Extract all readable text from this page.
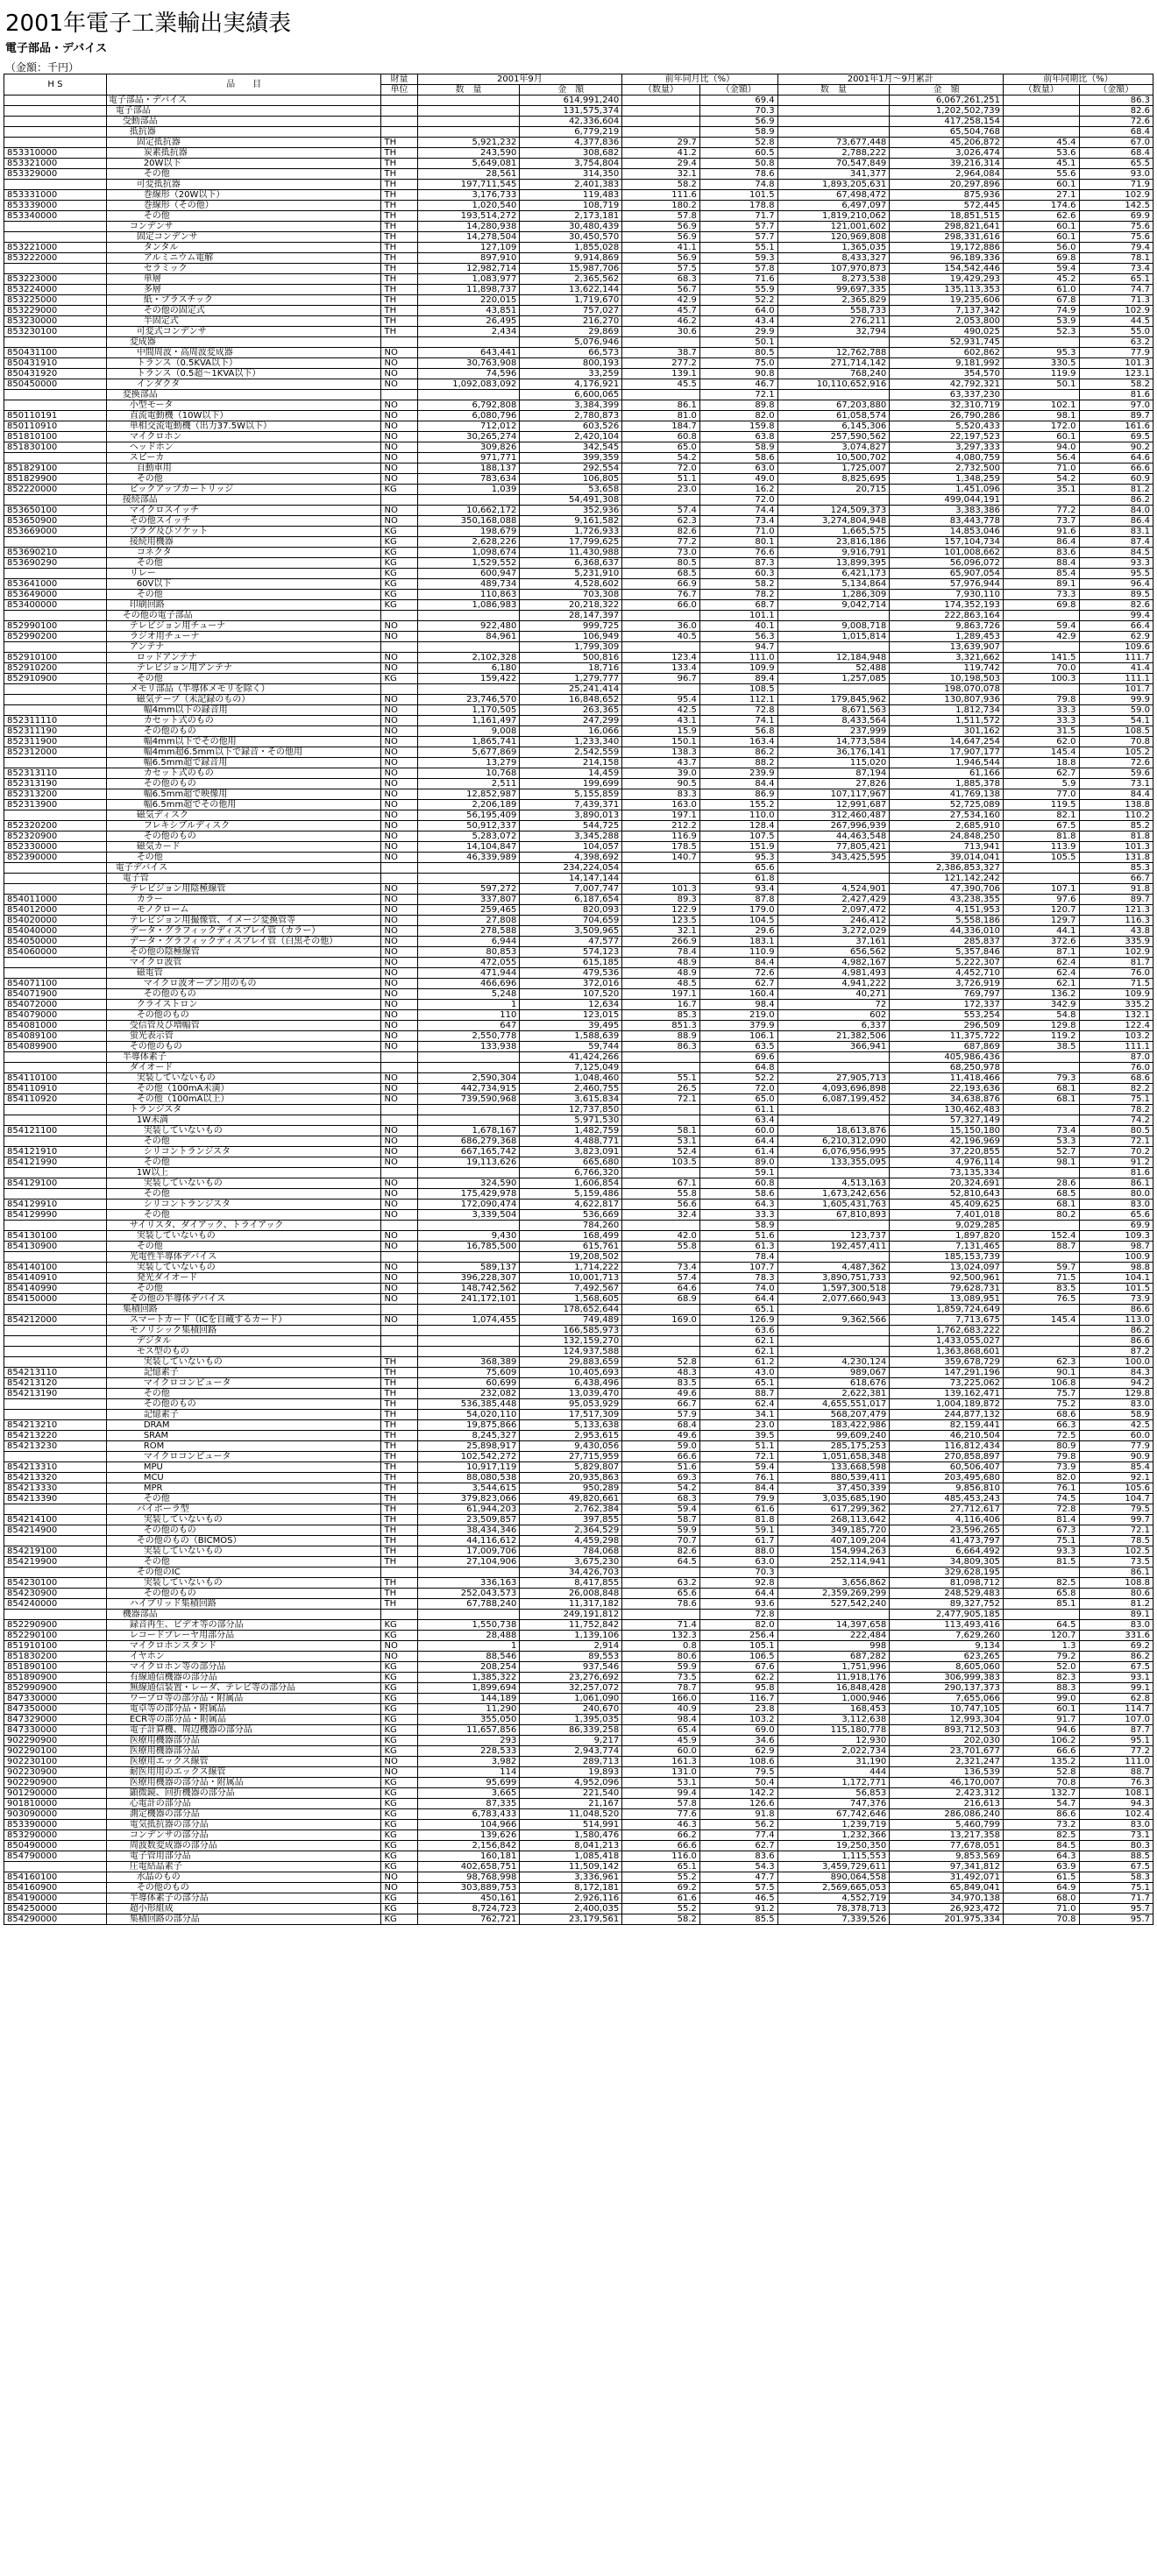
2001年電子工業輸出実績表
電子部品・デバイス
（金額：千円）
H S	品　　目	財量	2001年9月		前年同月比（%）		2001年1月〜9月累計		前年同期比（%）	
		単位	数　量	金　額	（数量）	（金額）	数　量	金　額	（数量）	（金額）
	電子部品・デバイス			614,991,240		69.4		6,067,261,251		86.3
	電子部品			131,575,374		70.3		1,202,502,739		82.6
	受動部品			42,336,604		56.9		417,258,154		72.6
	抵抗器			6,779,219		58.9		65,504,768		68.4
	固定抵抗器	TH	5,921,232	4,377,836	29.7	52.8	73,677,448	45,206,872	45.4	67.0
853310000	炭素抵抗器	TH	243,590	308,682	41.2	60.5	2,788,222	3,026,474	53.6	68.4
853321000	20W以下	TH	5,649,081	3,754,804	29.4	50.8	70,547,849	39,216,314	45.1	65.5
853329000	その他	TH	28,561	314,350	32.1	78.6	341,377	2,964,084	55.6	93.0
	可変抵抗器	TH	197,711,545	2,401,383	58.2	74.8	1,893,205,631	20,297,896	60.1	71.9
853331000	巻線形（20W以下）	TH	3,176,733	119,483	111.6	101.5	67,498,472	875,936	27.1	102.9
853339000	巻線形（その他）	TH	1,020,540	108,719	180.2	178.8	6,497,097	572,445	174.6	142.5
853340000	その他	TH	193,514,272	2,173,181	57.8	71.7	1,819,210,062	18,851,515	62.6	69.9
	コンデンサ	TH	14,280,938	30,480,439	56.9	57.7	121,001,602	298,821,641	60.1	75.6
	固定コンデンサ	TH	14,278,504	30,450,570	56.9	57.7	120,969,808	298,331,616	60.1	75.6
853221000	タンタル	TH	127,109	1,855,028	41.1	55.1	1,365,035	19,172,886	56.0	79.4
853222000	アルミニウム電解	TH	897,910	9,914,869	56.9	59.3	8,433,327	96,189,336	69.8	78.1
	セラミック	TH	12,982,714	15,987,706	57.5	57.8	107,970,873	154,542,446	59.4	73.4
853223000	単層	TH	1,083,977	2,365,562	68.3	71.6	8,273,538	19,429,293	45.2	65.1
853224000	多層	TH	11,898,737	13,622,144	56.7	55.9	99,697,335	135,113,353	61.0	74.7
853225000	紙・プラスチック	TH	220,015	1,719,670	42.9	52.2	2,365,829	19,235,606	67.8	71.3
853229000	その他の固定式	TH	43,851	757,027	45.7	64.0	558,733	7,137,342	74.9	102.9
853230000	半固定式	TH	26,495	216,270	46.2	43.4	276,211	2,053,800	53.9	44.5
853230100	可変式コンデンサ	TH	2,434	29,869	30.6	29.9	32,794	490,025	52.3	55.0
	変成器			5,076,946		50.1		52,931,745		63.2
850431100	中間周波・高周波変成器	NO	643,441	66,573	38.7	80.5	12,762,788	602,862	95.3	77.9
850431910	トランス（0.5KVA以下）	NO	30,763,908	800,193	277.2	75.0	271,714,142	9,181,992	330.5	101.3
850431920	トランス（0.5超〜1KVA以下）	NO	74,596	33,259	139.1	90.8	768,240	354,570	119.9	123.1
850450000	インダクタ	NO	1,092,083,092	4,176,921	45.5	46.7	10,110,652,916	42,792,321	50.1	58.2
	変換部品			6,600,065		72.1		63,337,230		81.6
	小型モータ	NO	6,792,808	3,384,399	86.1	89.8	67,203,880	32,310,719	102.1	97.0
850110191	直流電動機（10W以下）	NO	6,080,796	2,780,873	81.0	82.0	61,058,574	26,790,286	98.1	89.7
850110910	単相交流電動機（出力37.5W以下）	NO	712,012	603,526	184.7	159.8	6,145,306	5,520,433	172.0	161.6
851810100	マイクロホン	NO	30,265,274	2,420,104	60.8	63.8	257,590,562	22,197,523	60.1	69.5
851830100	ヘッドホン	NO	309,826	342,545	65.0	58.9	3,074,827	3,297,333	94.0	90.2
	スピーカ	NO	971,771	399,359	54.2	58.6	10,500,702	4,080,759	56.4	64.6
851829100	自動車用	NO	188,137	292,554	72.0	63.0	1,725,007	2,732,500	71.0	66.6
851829900	その他	NO	783,634	106,805	51.1	49.0	8,825,695	1,348,259	54.2	60.9
852220000	ピックアップカートリッジ	KG	1,039	53,658	23.0	16.2	20,715	1,451,096	35.1	81.2
	接続部品			54,491,308		72.0		499,044,191		86.2
853650100	マイクロスイッチ	NO	10,662,172	352,936	57.4	74.4	124,509,373	3,383,386	77.2	84.0
853650900	その他スイッチ	NO	350,168,088	9,161,582	62.3	73.4	3,274,804,948	83,443,778	73.7	86.4
853669000	プラグ及びソケット	KG	198,679	1,726,933	82.6	71.0	1,665,575	14,853,046	91.6	83.1
	接続用機器	KG	2,628,226	17,799,625	77.2	80.1	23,816,186	157,104,734	86.4	87.4
853690210	コネクタ	KG	1,098,674	11,430,988	73.0	76.6	9,916,791	101,008,662	83.6	84.5
853690290	その他	KG	1,529,552	6,368,637	80.5	87.3	13,899,395	56,096,072	88.4	93.3
	リレー	KG	600,947	5,231,910	68.5	60.3	6,421,173	65,907,054	85.4	95.5
853641000	60V以下	KG	489,734	4,528,602	66.9	58.2	5,134,864	57,976,944	89.1	96.4
853649000	その他	KG	110,863	703,308	76.7	78.2	1,286,309	7,930,110	73.3	89.5
853400000	印刷回路	KG	1,086,983	20,218,322	66.0	68.7	9,042,714	174,352,193	69.8	82.6
	その他の電子部品			28,147,397		101.1		222,863,164		99.4
852990100	テレビジョン用チューナ	NO	922,480	999,725	36.0	40.1	9,008,718	9,863,726	59.4	66.4
852990200	ラジオ用チューナ	NO	84,961	106,949	40.5	56.3	1,015,814	1,289,453	42.9	62.9
	アンテナ			1,799,309		94.7		13,639,907		109.6
852910100	ロッドアンテナ	NO	2,102,328	500,816	123.4	111.0	12,184,948	3,321,662	141.5	111.7
852910200	テレビジョン用アンテナ	NO	6,180	18,716	133.4	109.9	52,488	119,742	70.0	41.4
852910900	その他	KG	159,422	1,279,777	96.7	89.4	1,257,085	10,198,503	100.3	111.1
	メモリ部品（半導体メモリを除く）			25,241,414		108.5		198,070,078		101.7
	磁気テープ（未記録のもの）	NO	23,746,570	16,848,652	95.4	112.1	179,845,962	130,807,936	79.8	99.9
	幅4mm以下の録音用	NO	1,170,505	263,365	42.5	72.8	8,671,563	1,812,734	33.3	59.0
852311110	カセット式のもの	NO	1,161,497	247,299	43.1	74.1	8,433,564	1,511,572	33.3	54.1
852311190	その他のもの	NO	9,008	16,066	15.9	56.8	237,999	301,162	31.5	108.5
852311900	幅4mm以下でその他用	NO	1,865,741	1,233,340	150.1	163.4	14,773,584	14,647,254	62.0	70.8
852312000	幅4mm超6.5mm以下で録音・その他用	NO	5,677,869	2,542,559	138.3	86.2	36,176,141	17,907,177	145.4	105.2
	幅6.5mm超で録音用	NO	13,279	214,158	43.7	88.2	115,020	1,946,544	18.8	72.6
852313110	カセット式のもの	NO	10,768	14,459	39.0	239.9	87,194	61,166	62.7	59.6
852313190	その他のもの	NO	2,511	199,699	90.5	84.4	27,826	1,885,378	5.9	73.1
852313200	幅6.5mm超で映像用	NO	12,852,987	5,155,859	83.3	86.9	107,117,967	41,769,138	77.0	84.4
852313900	幅6.5mm超でその他用	NO	2,206,189	7,439,371	163.0	155.2	12,991,687	52,725,089	119.5	138.8
	磁気ディスク	NO	56,195,409	3,890,013	197.1	110.0	312,460,487	27,534,160	82.1	110.2
852320200	フレキシブルディスク	NO	50,912,337	544,725	212.2	128.4	267,996,939	2,685,910	67.5	85.2
852320900	その他のもの	NO	5,283,072	3,345,288	116.9	107.5	44,463,548	24,848,250	81.8	81.8
852330000	磁気カード	NO	14,104,847	104,057	178.5	151.9	77,805,421	713,941	113.9	101.3
852390000	その他	NO	46,339,989	4,398,692	140.7	95.3	343,425,595	39,014,041	105.5	131.8
	電子デバイス			234,224,054		65.6		2,386,853,327		85.3
	電子管			14,147,144		61.8		121,142,242		66.7
	テレビジョン用陰極線管	NO	597,272	7,007,747	101.3	93.4	4,524,901	47,390,706	107.1	91.8
854011000	カラー	NO	337,807	6,187,654	89.3	87.8	2,427,429	43,238,355	97.6	89.7
854012000	モノクローム	NO	259,465	820,093	122.9	179.0	2,097,472	4,151,953	120.7	121.3
854020000	テレビジョン用撮像管、イメージ変換管等	NO	27,808	704,659	123.5	104.5	246,412	5,558,186	129.7	116.3
854040000	データ・グラフィックディスプレイ管（カラー）	NO	278,588	3,509,965	32.1	29.6	3,272,029	44,336,010	44.1	43.8
854050000	データ・グラフィックディスプレイ管（白黒その他）	NO	6,944	47,577	266.9	183.1	37,161	285,837	372.6	335.9
854060000	その他の陰極線管	NO	80,853	574,123	78.4	110.9	656,562	5,357,846	87.1	102.9
	マイクロ波管	NO	472,055	615,185	48.9	84.4	4,982,167	5,222,307	62.4	81.7
	磁電管	NO	471,944	479,536	48.9	72.6	4,981,493	4,452,710	62.4	76.0
854071100	マイクロ波オーブン用のもの	NO	466,696	372,016	48.5	62.7	4,941,222	3,726,919	62.1	71.5
854071900	その他のもの	NO	5,248	107,520	197.1	160.4	40,271	769,797	136.2	109.9
854072000	クライストロン	NO	1	12,634	16.7	98.4	72	172,337	342.9	335.2
854079000	その他のもの	NO	110	123,015	85.3	219.0	602	553,254	54.8	132.1
854081000	受信管及び増幅管	NO	647	39,495	851.3	379.9	6,337	296,509	129.8	122.4
854089100	蛍光表示管	NO	2,550,778	1,588,639	88.9	106.1	21,382,506	11,375,722	119.2	103.2
854089900	その他のもの	NO	133,938	59,744	86.3	63.5	366,941	687,869	38.5	111.1
	半導体素子			41,424,266		69.6		405,986,436		87.0
	ダイオード			7,125,049		64.8		68,250,978		76.0
854110100	実装していないもの	NO	2,590,304	1,048,460	55.1	52.2	27,905,713	11,418,466	79.3	68.6
854110910	その他（100mA未満）	NO	442,734,915	2,460,755	26.5	72.0	4,093,696,898	22,193,636	68.1	82.2
854110920	その他（100mA以上）	NO	739,590,968	3,615,834	72.1	65.0	6,087,199,452	34,638,876	68.1	75.1
	トランジスタ			12,737,850		61.1		130,462,483		78.2
	1W未満			5,971,530		63.4		57,327,149		74.2
854121100	実装していないもの	NO	1,678,167	1,482,759	58.1	60.0	18,613,876	15,150,180	73.4	80.5
	その他	NO	686,279,368	4,488,771	53.1	64.4	6,210,312,090	42,196,969	53.3	72.1
854121910	シリコントランジスタ	NO	667,165,742	3,823,091	52.4	61.4	6,076,956,995	37,220,855	52.7	70.2
854121990	その他	NO	19,113,626	665,680	103.5	89.0	133,355,095	4,976,114	98.1	91.2
	1W以上			6,766,320		59.1		73,135,334		81.6
854129100	実装していないもの	NO	324,590	1,606,854	67.1	60.8	4,513,163	20,324,691	28.6	86.1
	その他	NO	175,429,978	5,159,486	55.8	58.6	1,673,242,656	52,810,643	68.5	80.0
854129910	シリコントランジスタ	NO	172,090,474	4,622,817	56.6	64.3	1,605,431,763	45,409,625	68.1	83.0
854129990	その他	NO	3,339,504	536,669	32.4	33.3	67,810,893	7,401,018	80.2	65.6
	サイリスタ、ダイアック、トライアック			784,260		58.9		9,029,285		69.9
854130100	実装していないもの	NO	9,430	168,499	42.0	51.6	123,737	1,897,820	152.4	109.3
854130900	その他	NO	16,785,500	615,761	55.8	61.3	192,457,411	7,131,465	88.7	98.7
	光電性半導体デバイス			19,208,502		78.4		185,153,739		100.9
854140100	実装していないもの	NO	589,137	1,714,222	73.4	107.7	4,487,362	13,024,097	59.7	98.8
854140910	発光ダイオード	NO	396,228,307	10,001,713	57.4	78.3	3,890,751,733	92,500,961	71.5	104.1
854140990	その他	NO	148,742,562	7,492,567	64.6	74.0	1,597,300,518	79,628,731	83.5	101.5
854150000	その他の半導体デバイス	NO	241,172,101	1,568,605	68.9	64.4	2,077,660,943	13,089,951	76.5	73.9
	集積回路			178,652,644		65.1		1,859,724,649		86.6
854212000	スマートカード（ICを自蔵するカード）	NO	1,074,455	749,489	169.0	126.9	9,362,566	7,713,675	145.4	113.0
	モノリシック集積回路			166,585,973		63.6		1,762,683,222		86.2
	デジタル			132,159,270		62.1		1,433,055,027		86.6
	モス型のもの			124,937,588		62.1		1,363,868,601		87.2
	実装していないもの	TH	368,389	29,883,659	52.8	61.2	4,230,124	359,678,729	62.3	100.0
854213110	記憶素子	TH	75,609	10,405,693	48.3	43.0	989,067	147,291,196	90.1	84.3
854213120	マイクロコンピュータ	TH	60,699	6,438,496	83.5	65.1	618,676	73,225,062	106.8	94.2
854213190	その他	TH	232,082	13,039,470	49.6	88.7	2,622,381	139,162,471	75.7	129.8
	その他のもの	TH	536,385,448	95,053,929	66.7	62.4	4,655,551,017	1,004,189,872	75.2	83.0
	記憶素子	TH	54,020,110	17,517,309	57.9	34.1	568,207,479	244,877,132	68.6	58.9
854213210	DRAM	TH	19,875,866	5,133,638	68.4	23.0	183,422,986	82,159,441	66.3	42.5
854213220	SRAM	TH	8,245,327	2,953,615	49.6	39.5	99,609,240	46,210,504	72.5	60.0
854213230	ROM	TH	25,898,917	9,430,056	59.0	51.1	285,175,253	116,812,434	80.9	77.9
	マイクロコンピュータ	TH	102,542,272	27,715,959	66.6	72.1	1,051,658,348	270,858,897	79.8	90.9
854213310	MPU	TH	10,917,119	5,829,807	51.6	59.4	133,668,598	60,506,407	73.9	85.4
854213320	MCU	TH	88,080,538	20,935,863	69.3	76.1	880,539,411	203,495,680	82.0	92.1
854213330	MPR	TH	3,544,615	950,289	54.2	84.4	37,450,339	9,856,810	76.1	105.6
854213390	その他	TH	379,823,066	49,820,661	68.3	79.9	3,035,685,190	485,453,243	74.5	104.7
	バイポーラ型	TH	61,944,203	2,762,384	59.4	61.6	617,299,362	27,712,617	72.8	79.5
854214100	実装していないもの	TH	23,509,857	397,855	58.7	81.8	268,113,642	4,116,406	81.4	99.7
854214900	その他のもの	TH	38,434,346	2,364,529	59.9	59.1	349,185,720	23,596,265	67.3	72.1
	その他のもの（BICMOS）	TH	44,116,612	4,459,298	70.7	61.7	407,109,204	41,473,797	75.1	78.5
854219100	実装していないもの	TH	17,009,706	784,068	82.6	88.0	154,994,263	6,664,492	93.3	102.5
854219900	その他	TH	27,104,906	3,675,230	64.5	63.0	252,114,941	34,809,305	81.5	73.5
	その他のIC			34,426,703		70.3		329,628,195		86.1
854230100	実装していないもの	TH	336,163	8,417,855	63.2	92.8	3,656,862	81,098,712	82.5	108.8
854230900	その他のもの	TH	252,043,573	26,008,848	65.6	64.4	2,359,269,299	248,529,483	65.8	80.6
854240000	ハイブリッド集積回路	TH	67,788,240	11,317,182	78.6	93.6	527,542,240	89,327,752	85.1	81.2
	機器部品			249,191,812		72.8		2,477,905,185		89.1
852290900	録音再生、ビデオ等の部分品	KG	1,550,738	11,752,842	71.4	82.0	14,397,658	113,493,416	64.5	83.0
852290100	レコードプレーヤ用部分品	KG	28,488	1,139,106	132.3	256.4	222,484	7,629,260	120.7	331.6
851910100	マイクロホンスタンド	NO	1	2,914	0.8	105.1	998	9,134	1.3	69.2
851830200	イヤホン	NO	88,546	89,553	80.6	106.5	687,282	623,265	79.2	86.2
851890100	マイクロホン等の部分品	KG	208,254	937,546	59.9	67.6	1,751,996	8,605,060	52.0	67.5
851890900	有線通信機器の部分品	KG	1,385,322	23,276,692	73.5	62.2	11,918,176	306,999,383	82.3	93.1
852990900	無線通信装置・レーダ、テレビ等の部分品	KG	1,899,694	32,257,072	78.7	95.8	16,848,428	290,137,373	88.3	99.1
847330000	ワープロ等の部分品・附属品	KG	144,189	1,061,090	166.0	116.7	1,000,946	7,655,066	99.0	62.8
847350000	電卓等の部分品・附属品	KG	11,290	240,670	40.9	23.8	168,453	10,747,105	60.1	114.7
847329000	ECR等の部分品・附属品	KG	355,050	1,395,035	98.4	103.2	3,112,638	12,993,304	91.7	107.0
847330000	電子計算機、周辺機器の部分品	KG	11,657,856	86,339,258	65.4	69.0	115,180,778	893,712,503	94.6	87.7
902290900	医療用機器部分品	KG	293	9,217	45.9	34.6	12,930	202,030	106.2	95.1
902290100	医療用機器部分品	KG	228,533	2,943,774	60.0	62.9	2,022,734	23,701,677	66.6	77.2
902230100	医療用エックス線管	NO	3,982	289,713	161.3	108.6	31,190	2,321,247	135.2	111.0
902230900	耐医用用のエックス線管	NO	114	19,893	131.0	79.5	444	136,539	52.8	88.7
902290900	医療用機器の部分品・附属品	KG	95,699	4,952,096	53.1	50.4	1,172,771	46,170,007	70.8	76.3
901290000	顕微鏡、回折機器の部分品	KG	3,665	221,540	99.4	142.2	56,853	2,423,312	132.7	108.1
901810000	心電計の部分品	KG	87,335	21,167	57.8	126.6	747,376	216,613	54.7	94.3
903090000	測定機器の部分品	KG	6,783,433	11,048,520	77.6	91.8	67,742,646	286,086,240	86.6	102.4
853390000	電気抵抗器の部分品	KG	104,966	514,991	46.3	56.2	1,239,719	5,460,799	73.2	83.0
853290000	コンデンサの部分品	KG	139,626	1,580,476	66.2	77.4	1,232,366	13,217,358	82.5	73.1
850490000	周波数変成器の部分品	KG	2,156,842	8,041,213	66.6	62.7	19,250,350	77,678,051	84.5	80.3
854790000	電子管用部分品	KG	160,181	1,085,418	116.0	83.6	1,115,553	9,853,569	64.3	88.5
	圧電結晶素子	KG	402,658,751	11,509,142	65.1	54.3	3,459,729,611	97,341,812	63.9	67.5
854160100	水晶のもの	NO	98,768,998	3,336,961	55.2	47.7	890,064,558	31,492,071	61.5	58.3
854160900	その他のもの	NO	303,889,753	8,172,181	69.2	57.5	2,569,665,053	65,849,041	64.9	75.1
854190000	半導体素子の部分品	KG	450,161	2,926,116	61.6	46.5	4,552,719	34,970,138	68.0	71.7
854250000	超小形組成	KG	8,724,723	2,400,035	55.2	91.2	78,378,713	26,923,472	71.0	95.7
854290000	集積回路の部分品	KG	762,721	23,179,561	58.2	85.5	7,339,526	201,975,334	70.8	95.7
